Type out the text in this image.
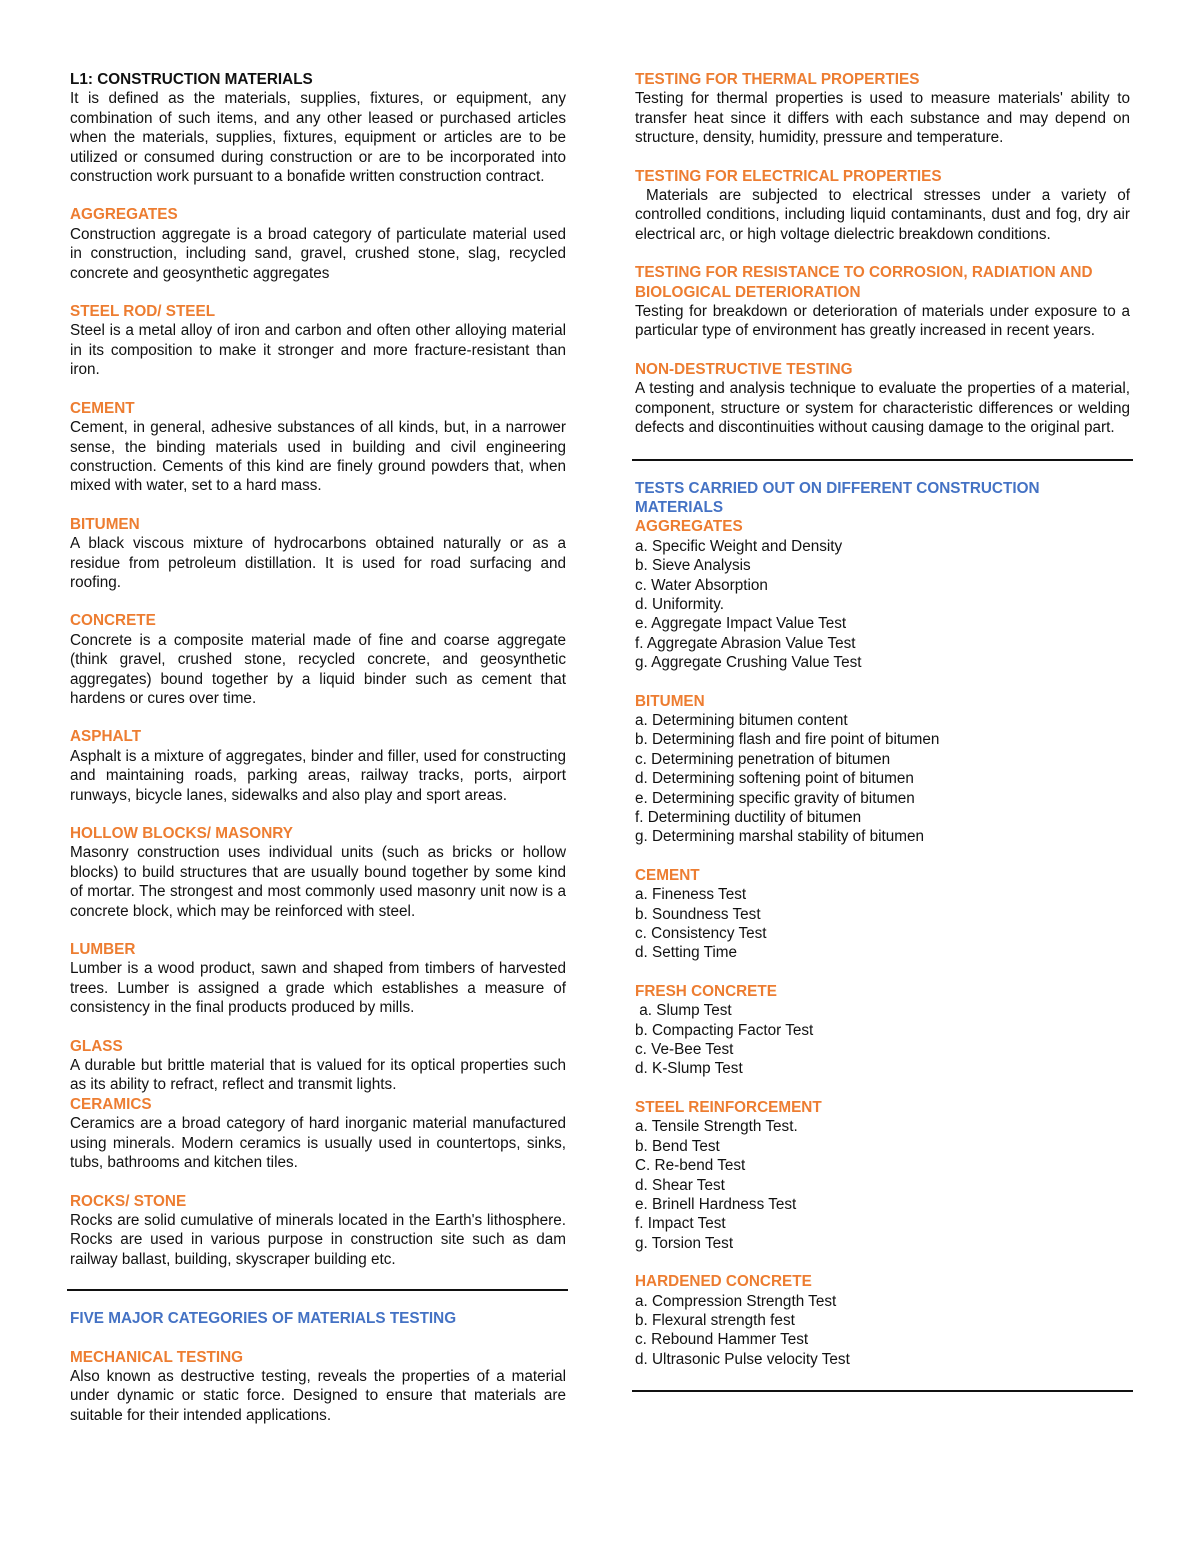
L1: CONSTRUCTION MATERIALS

It is defined as the materials, supplies, fixtures, or equipment, any combination of such items, and any other leased or purchased articles when the materials, supplies, fixtures, equipment or articles are to be utilized or consumed during construction or are to be incorporated into construction work pursuant to a bonafide written construction contract.

AGGREGATES

Construction aggregate is a broad category of particulate material used in construction, including sand, gravel, crushed stone, slag, recycled concrete and geosynthetic aggregates

STEEL ROD/ STEEL

Steel is a metal alloy of iron and carbon and often other alloying material in its composition to make it stronger and more fracture-resistant than iron.

CEMENT

Cement, in general, adhesive substances of all kinds, but, in a narrower sense, the binding materials used in building and civil engineering construction. Cements of this kind are finely ground powders that, when mixed with water, set to a hard mass.

BITUMEN

A black viscous mixture of hydrocarbons obtained naturally or as a residue from petroleum distillation. It is used for road surfacing and roofing.

CONCRETE

Concrete is a composite material made of fine and coarse aggregate (think gravel, crushed stone, recycled concrete, and geosynthetic aggregates) bound together by a liquid binder such as cement that hardens or cures over time.

ASPHALT

Asphalt is a mixture of aggregates, binder and filler, used for constructing and maintaining roads, parking areas, railway tracks, ports, airport runways, bicycle lanes, sidewalks and also play and sport areas.

HOLLOW BLOCKS/ MASONRY

Masonry construction uses individual units (such as bricks or hollow blocks) to build structures that are usually bound together by some kind of mortar. The strongest and most commonly used masonry unit now is a concrete block, which may be reinforced with steel.

LUMBER

Lumber is a wood product, sawn and shaped from timbers of harvested trees. Lumber is assigned a grade which establishes a measure of consistency in the final products produced by mills.

GLASS

A durable but brittle material that is valued for its optical properties such as its ability to refract, reflect and transmit lights.

CERAMICS

Ceramics are a broad category of hard inorganic material manufactured using minerals. Modern ceramics is usually used in countertops, sinks, tubs, bathrooms and kitchen tiles.

ROCKS/ STONE

Rocks are solid cumulative of minerals located in the Earth's lithosphere. Rocks are used in various purpose in construction site such as dam railway ballast, building, skyscraper building etc.

FIVE MAJOR CATEGORIES OF MATERIALS TESTING
MECHANICAL TESTING

Also known as destructive testing, reveals the properties of a material under dynamic or static force. Designed to ensure that materials are suitable for their intended applications.

TESTING FOR THERMAL PROPERTIES

Testing for thermal properties is used to measure materials' ability to transfer heat since it differs with each substance and may depend on structure, density, humidity, pressure and temperature.

TESTING FOR ELECTRICAL PROPERTIES

Materials are subjected to electrical stresses under a variety of controlled conditions, including liquid contaminants, dust and fog, dry air electrical arc, or high voltage dielectric breakdown conditions.

TESTING FOR RESISTANCE TO CORROSION, RADIATION AND BIOLOGICAL DETERIORATION

Testing for breakdown or deterioration of materials under exposure to a particular type of environment has greatly increased in recent years.

NON-DESTRUCTIVE TESTING

A testing and analysis technique to evaluate the properties of a material, component, structure or system for characteristic differences or welding defects and discontinuities without causing damage to the original part.

TESTS CARRIED OUT ON DIFFERENT CONSTRUCTION MATERIALS
AGGREGATES
a. Specific Weight and Density
b. Sieve Analysis
c. Water Absorption
d. Uniformity.
e. Aggregate Impact Value Test
f. Aggregate Abrasion Value Test
g. Aggregate Crushing Value Test
BITUMEN
a. Determining bitumen content
b. Determining flash and fire point of bitumen
c. Determining penetration of bitumen
d. Determining softening point of bitumen
e. Determining specific gravity of bitumen
f. Determining ductility of bitumen
g. Determining marshal stability of bitumen
CEMENT
a. Fineness Test
b. Soundness Test
c. Consistency Test
d. Setting Time
FRESH CONCRETE
a. Slump Test
b. Compacting Factor Test
c. Ve-Bee Test
d. K-Slump Test
STEEL REINFORCEMENT
a. Tensile Strength Test.
b. Bend Test
C. Re-bend Test
d. Shear Test
e. Brinell Hardness Test
f. Impact Test
g. Torsion Test
HARDENED CONCRETE
a. Compression Strength Test
b. Flexural strength fest
c. Rebound Hammer Test
d. Ultrasonic Pulse velocity Test
